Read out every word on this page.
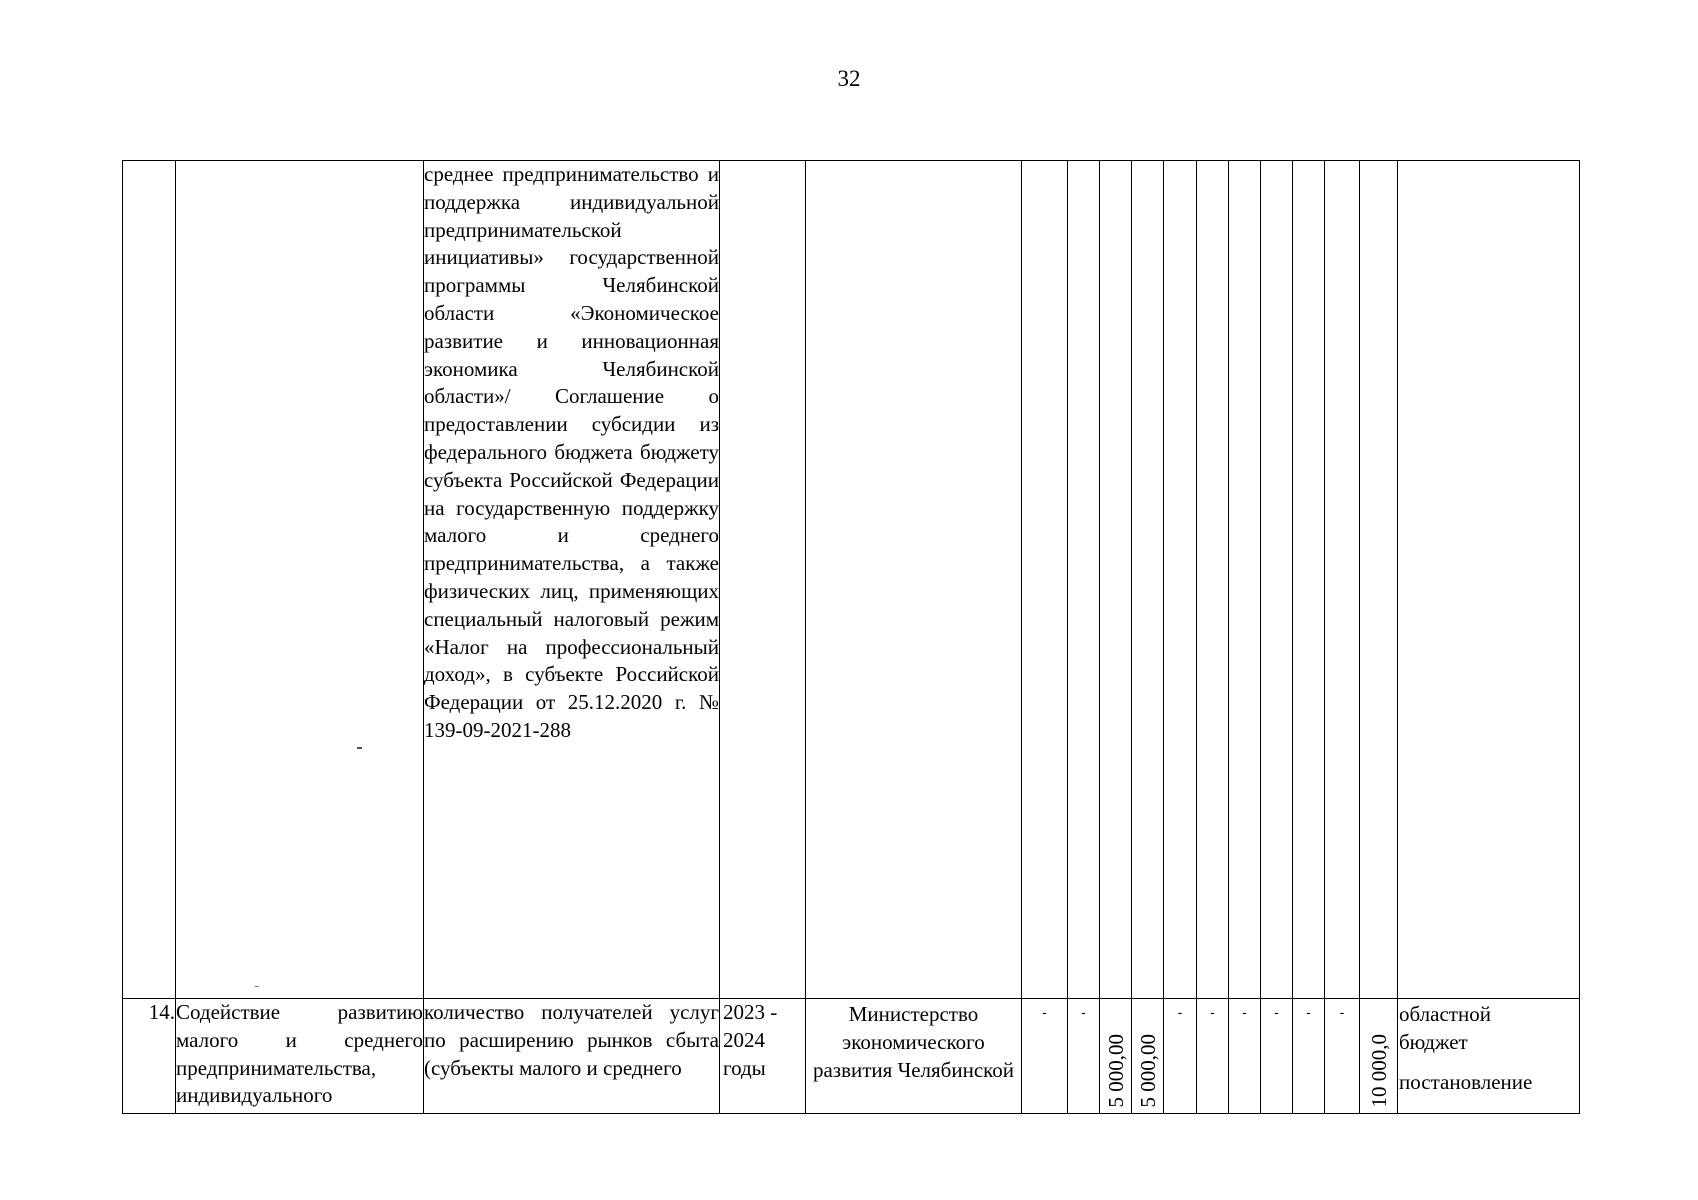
32
		среднее предпринимательство и поддержка индивидуальной предпринимательской инициативы» государственной программы Челябинской области «Экономическое развитие и инновационная экономика Челябинской области»/ Соглашение о предоставлении субсидии из федерального бюджета бюджету субъекта Российской Федерации на государственную поддержку малого и среднего предпринимательства, а также физических лиц, применяющих специальный налоговый режим «Налог на профессиональный доход», в субъекте Российской Федерации от 25.12.2020 г. № 139-09-2021-288														
14.	Содействие развитию малого и среднего предпринимательства, индивидуального	количество получателей услуг по расширению рынков сбыта (субъекты малого и среднего	2023 - 2024 годы	Министерство экономического развития Челябинской	-	-	5 000,00	5 000,00	-	-	-	-	-	-	10 000,0	областной бюджет
постановление
